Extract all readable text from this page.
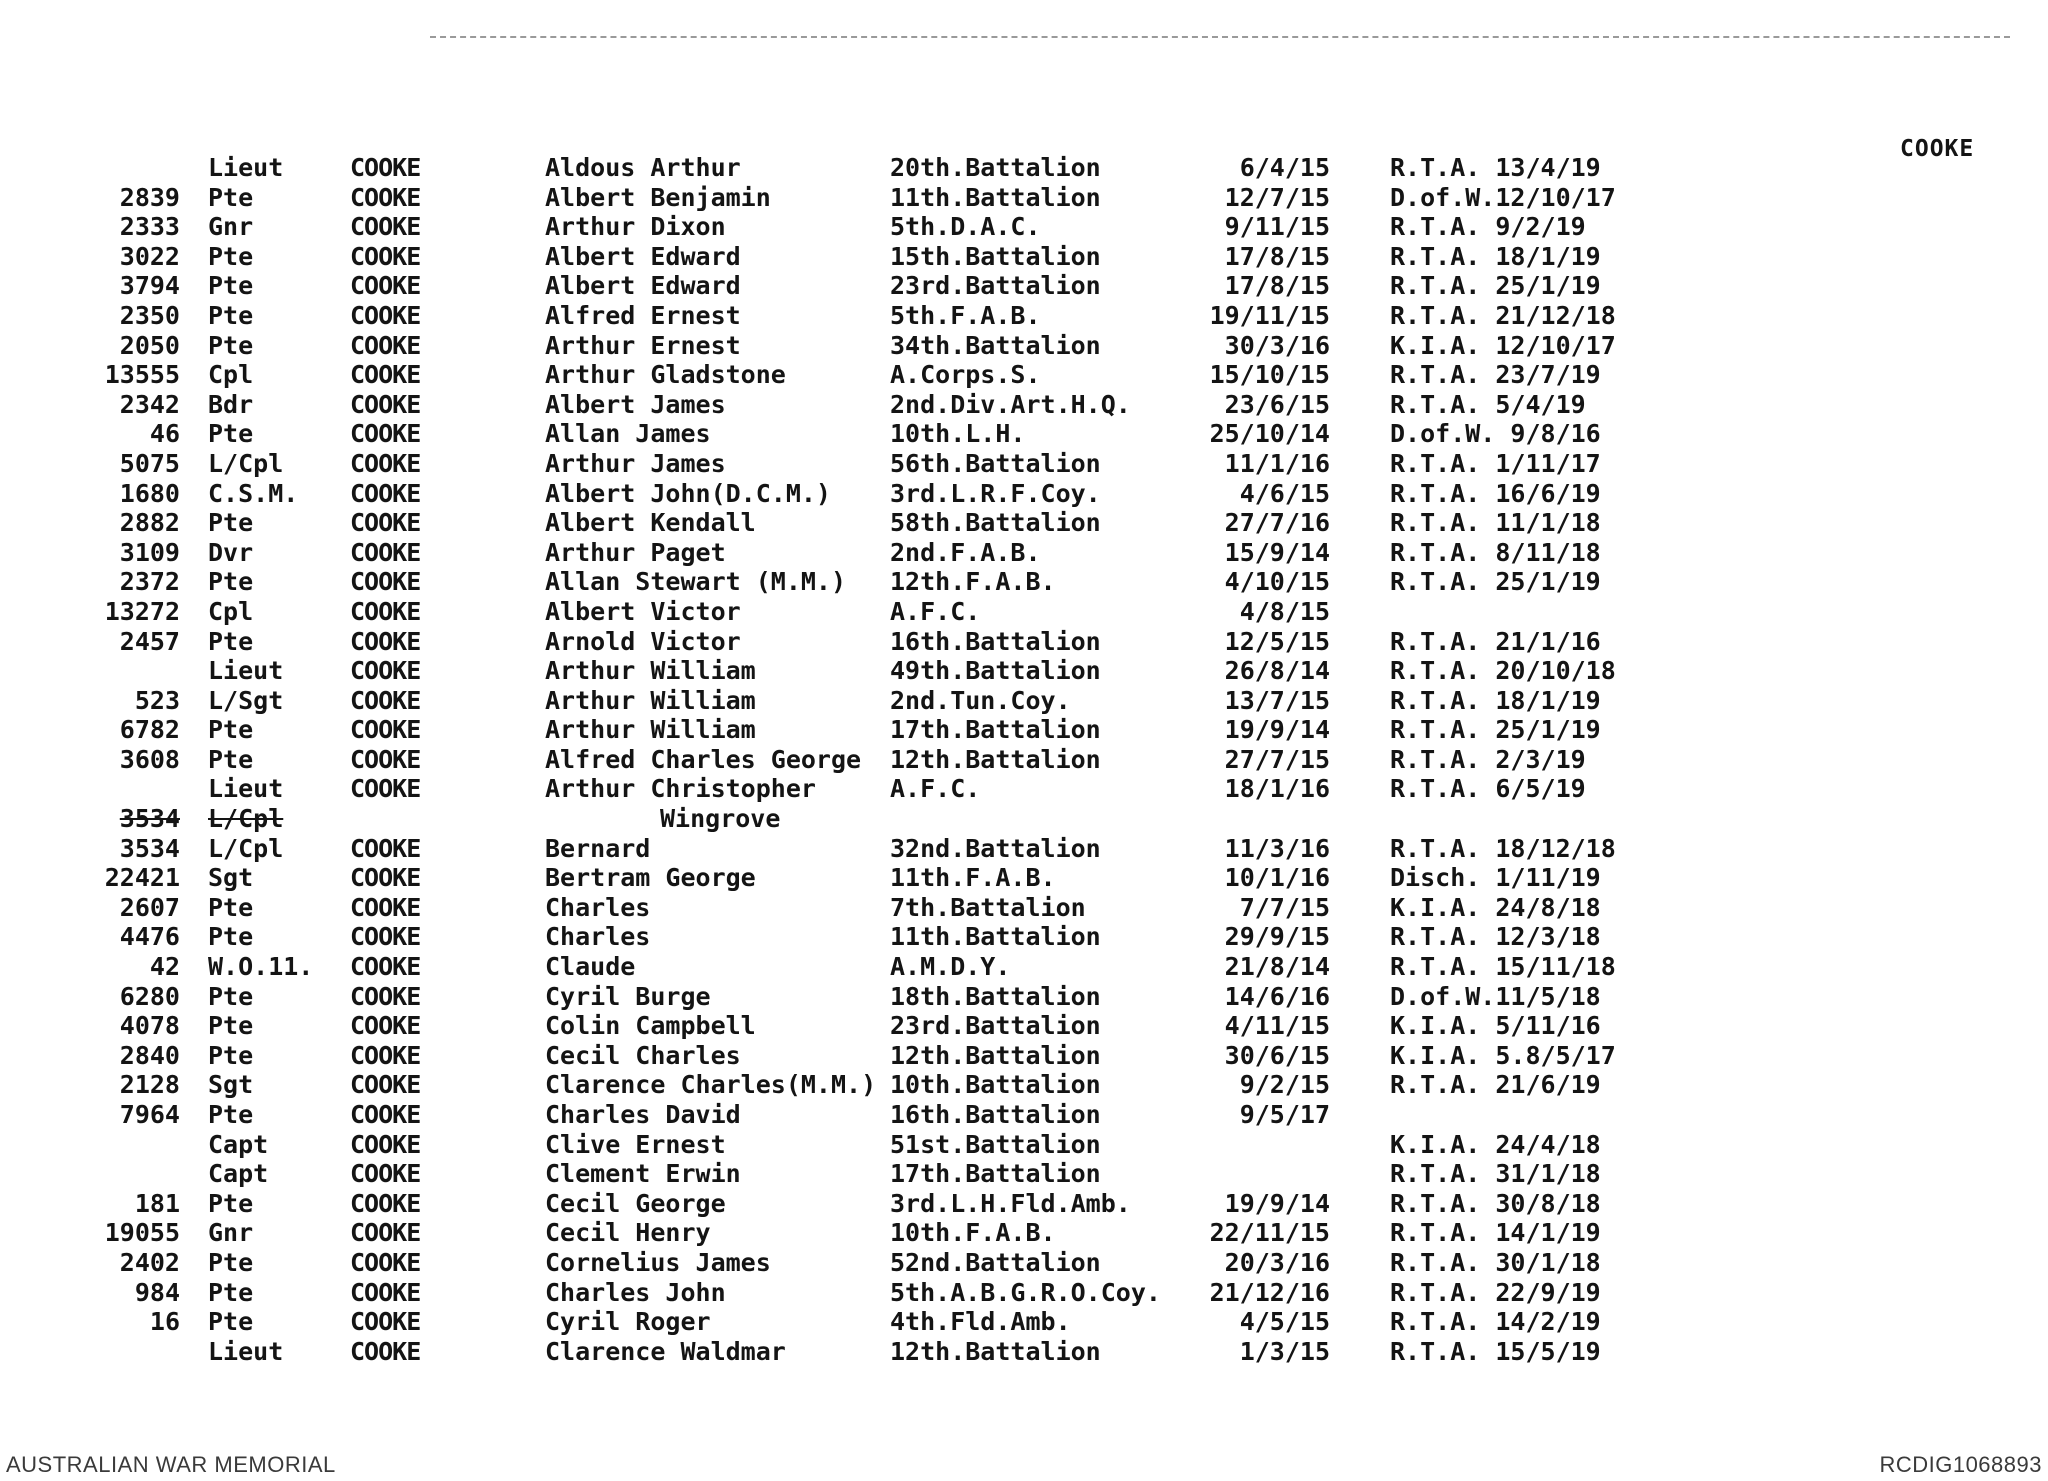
COOKE
Lieut	COOKE	Aldous Arthur	20th.Battalion	6/4/15 R.T.A. 13/4/19
2839 Pte	COOKE	Albert Benjamin	11th.Battalion	12/7/15 D.of.W.12/10/17
2333 Gnr	COOKE	Arthur Dixon	5th.D.A.C.	9/11/15 R.T.A. 9/2/19
3022 Pte	COOKE	Albert Edward	15th.Battalion	17/8/15 R.T.A. 18/1/19
3794 Pte	COOKE	Albert Edward	23rd.Battalion	17/8/15 R.T.A. 25/1/19
2350 Pte	COOKE	Alfred Ernest	5th.F.A.B.	19/11/15 R.T.A. 21/12/18
2050 Pte	COOKE	Arthur Ernest	34th.Battalion	30/3/16 K.I.A. 12/10/17
13555 Cpl	COOKE	Arthur Gladstone	A.Corps.S.	15/10/15 R.T.A. 23/7/19
2342 Bdr	COOKE	Albert James	2nd.Div.Art.H.Q.	23/6/15 R.T.A. 5/4/19
46 Pte	COOKE	Allan James	10th.L.H.	25/10/14 D.of.W. 9/8/16
5075 L/Cpl	COOKE	Arthur James	56th.Battalion	11/1/16 R.T.A. 1/11/17
1680 C.S.M. COOKE	Albert John(D.C.M.) 3rd.L.R.F.Coy.	4/6/15 R.T.A. 16/6/19
2882 Pte	COOKE	Albert Kendall	58th.Battalion	27/7/16 R.T.A. 11/1/18
3109 Dvr	COOKE	Arthur Paget	2nd.F.A.B.	15/9/14 R.T.A. 8/11/18
2372 Pte	COOKE	Allan Stewart (M.M.) 12th.F.A.B.	4/10/15 R.T.A. 25/1/19
13272 Cpl	COOKE	Albert Victor	A.F.C.	4/8/15
2457 Pte	COOKE	Arnold Victor	16th.Battalion	12/5/15 R.T.A. 21/1/16
Lieut	COOKE	Arthur William	49th.Battalion	26/8/14 R.T.A. 20/10/18
523 L/Sgt	COOKE	Arthur William	2nd.Tun.Coy.	13/7/15 R.T.A. 18/1/19
6782 Pte	COOKE	Arthur William	17th.Battalion	19/9/14 R.T.A. 25/1/19
3608 Pte	COOKE	Alfred Charles George 12th.Battalion	27/7/15 R.T.A. 2/3/19
Lieut	COOKE	Arthur Christopher	A.F.C.	18/1/16 R.T.A. 6/5/19
3534 L/Cpl	Wingrove
3534 L/Cpl	COOKE	Bernard	32nd.Battalion	11/3/16 R.T.A. 18/12/18
22421 Sgt	COOKE	Bertram George	11th.F.A.B.	10/1/16 Disch. 1/11/19
2607 Pte	COOKE	Charles	7th.Battalion	7/7/15 K.I.A. 24/8/18
4476 Pte	COOKE	Charles	11th.Battalion	29/9/15 R.T.A. 12/3/18
42 W.O.11. COOKE	Claude	A.M.D.Y.	21/8/14 R.T.A. 15/11/18
6280 Pte	COOKE	Cyril Burge	18th.Battalion	14/6/16 D.of.W.11/5/18
4078 Pte	COOKE	Colin Campbell	23rd.Battalion	4/11/15 K.I.A. 5/11/16
2840 Pte	COOKE	Cecil Charles	12th.Battalion	30/6/15 K.I.A. 5.8/5/17
2128 Sgt	COOKE	Clarence Charles(M.M.) 10th.Battalion	9/2/15 R.T.A. 21/6/19
7964 Pte	COOKE	Charles David	16th.Battalion	9/5/17
Capt	COOKE	Clive Ernest	51st.Battalion	K.I.A. 24/4/18
Capt	COOKE	Clement Erwin	17th.Battalion	R.T.A. 31/1/18
181 Pte	COOKE	Cecil George	3rd.L.H.Fld.Amb.	19/9/14 R.T.A. 30/8/18
19055 Gnr	COOKE	Cecil Henry	10th.F.A.B.	22/11/15 R.T.A. 14/1/19
2402 Pte	COOKE	Cornelius James	52nd.Battalion	20/3/16 R.T.A. 30/1/18
984 Pte	COOKE	Charles John	5th.A.B.G.R.O.Coy.	21/12/16 R.T.A. 22/9/19
16 Pte	COOKE	Cyril Roger	4th.Fld.Amb.	4/5/15 R.T.A. 14/2/19
Lieut	COOKE	Clarence Waldmar	12th.Battalion	1/3/15 R.T.A. 15/5/19
AUSTRALIAN WAR MEMORIAL	RCDIG1068893
